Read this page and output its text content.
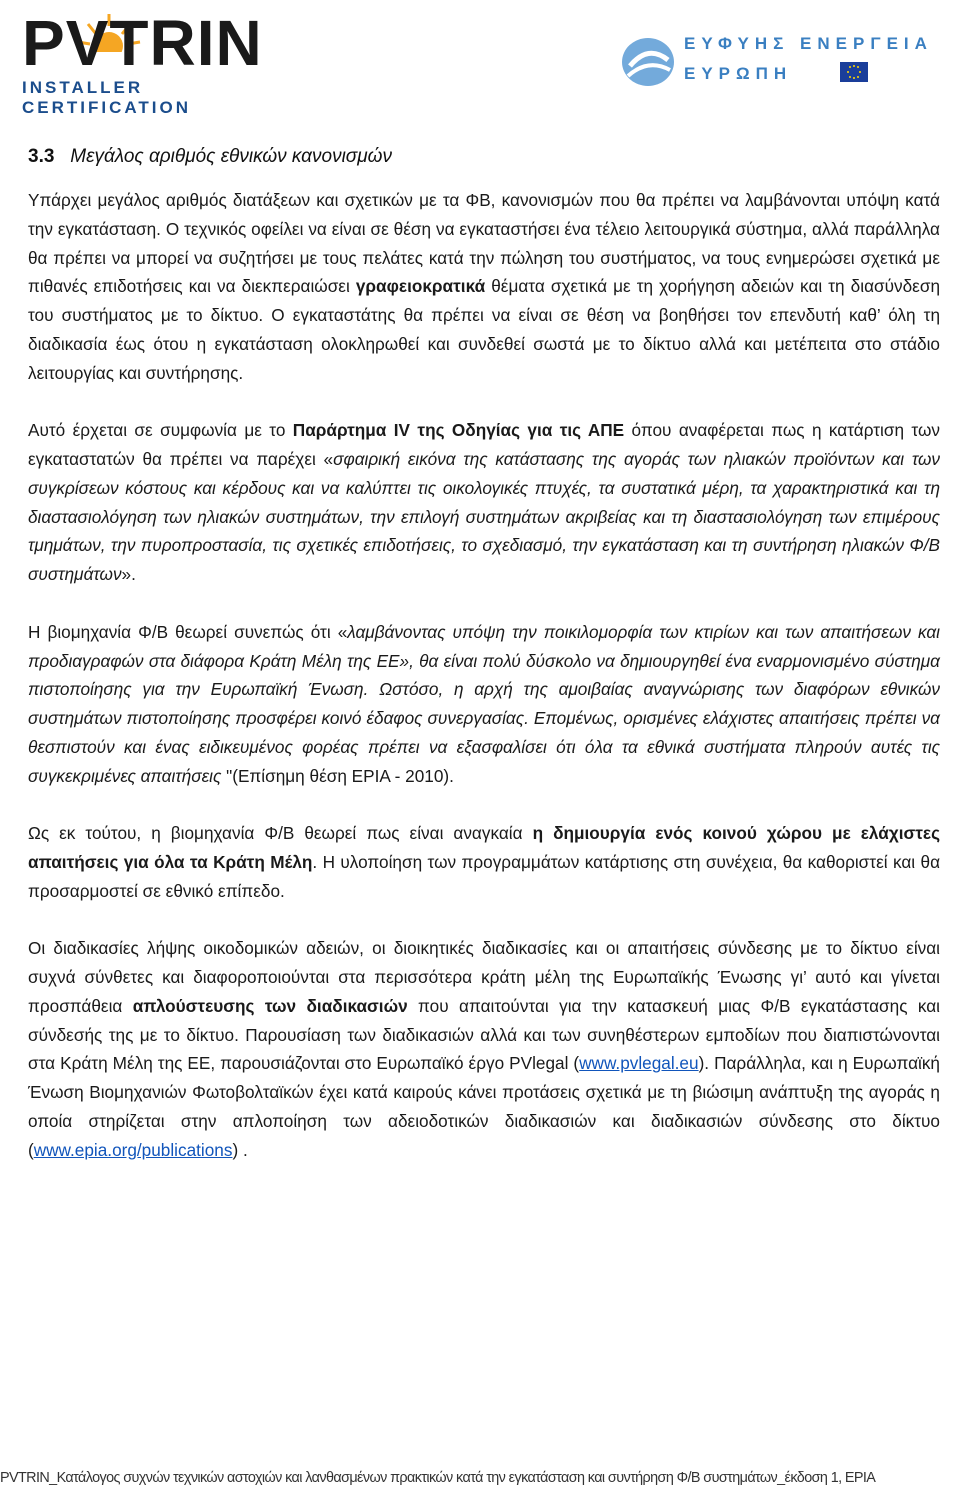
PVTRIN
INSTALLER CERTIFICATION
ΕΥΦΥΗΣ ΕΝΕΡΓΕΙΑ
ΕΥΡΩΠΗ
3.3 Μεγάλος αριθμός εθνικών κανονισμών

Υπάρχει μεγάλος αριθμός διατάξεων και σχετικών με τα ΦΒ, κανονισμών που θα πρέπει να λαμβάνονται υπόψη κατά την εγκατάσταση. Ο τεχνικός οφείλει να είναι σε θέση να εγκαταστήσει ένα τέλειο λειτουργικά σύστημα, αλλά παράλληλα θα πρέπει να μπορεί να συζητήσει με τους πελάτες κατά την πώληση του συστήματος, να τους ενημερώσει σχετικά με πιθανές επιδοτήσεις και να διεκπεραιώσει γραφειοκρατικά θέματα σχετικά με τη χορήγηση αδειών και τη διασύνδεση του συστήματος με το δίκτυο. Ο εγκαταστάτης θα πρέπει να είναι σε θέση να βοηθήσει τον επενδυτή καθ’ όλη τη διαδικασία έως ότου η εγκατάσταση ολοκληρωθεί και συνδεθεί σωστά με το δίκτυο αλλά και μετέπειτα στο στάδιο λειτουργίας και συντήρησης.

Αυτό έρχεται σε συμφωνία με το Παράρτημα IV της Οδηγίας για τις ΑΠΕ όπου αναφέρεται πως η κατάρτιση των εγκαταστατών θα πρέπει να παρέχει «σφαιρική εικόνα της κατάστασης της αγοράς των ηλιακών προϊόντων και των συγκρίσεων κόστους και κέρδους και να καλύπτει τις οικολογικές πτυχές, τα συστατικά μέρη, τα χαρακτηριστικά και τη διαστασιολόγηση των ηλιακών συστημάτων, την επιλογή συστημάτων ακριβείας και τη διαστασιολόγηση των επιμέρους τμημάτων, την πυροπροστασία, τις σχετικές επιδοτήσεις, το σχεδιασμό, την εγκατάσταση και τη συντήρηση ηλιακών Φ/Β συστημάτων».

Η βιομηχανία Φ/Β θεωρεί συνεπώς ότι «λαμβάνοντας υπόψη την ποικιλομορφία των κτιρίων και των απαιτήσεων και προδιαγραφών στα διάφορα Κράτη Μέλη της ΕΕ», θα είναι πολύ δύσκολο να δημιουργηθεί ένα εναρμονισμένο σύστημα πιστοποίησης για την Ευρωπαϊκή Ένωση. Ωστόσο, η αρχή της αμοιβαίας αναγνώρισης των διαφόρων εθνικών συστημάτων πιστοποίησης προσφέρει κοινό έδαφος συνεργασίας. Επομένως, ορισμένες ελάχιστες απαιτήσεις πρέπει να θεσπιστούν και ένας ειδικευμένος φορέας πρέπει να εξασφαλίσει ότι όλα τα εθνικά συστήματα πληρούν αυτές τις συγκεκριμένες απαιτήσεις "(Επίσημη θέση EPIA - 2010).

Ως εκ τούτου, η βιομηχανία Φ/Β θεωρεί πως είναι αναγκαία η δημιουργία ενός κοινού χώρου με ελάχιστες απαιτήσεις για όλα τα Κράτη Μέλη. Η υλοποίηση των προγραμμάτων κατάρτισης στη συνέχεια, θα καθοριστεί και θα προσαρμοστεί σε εθνικό επίπεδο.

Οι διαδικασίες λήψης οικοδομικών αδειών, οι διοικητικές διαδικασίες και οι απαιτήσεις σύνδεσης με το δίκτυο είναι συχνά σύνθετες και διαφοροποιούνται στα περισσότερα κράτη μέλη της Ευρωπαϊκής Ένωσης γι’ αυτό και γίνεται προσπάθεια απλούστευσης των διαδικασιών που απαιτούνται για την κατασκευή μιας Φ/Β εγκατάστασης και σύνδεσής της με το δίκτυο. Παρουσίαση των διαδικασιών αλλά και των συνηθέστερων εμποδίων που διαπιστώνονται στα Κράτη Μέλη της ΕΕ, παρουσιάζονται στο Ευρωπαϊκό έργο PVlegal (www.pvlegal.eu). Παράλληλα, και η Ευρωπαϊκή Ένωση Βιομηχανιών Φωτοβολταϊκών έχει κατά καιρούς κάνει προτάσεις σχετικά με τη βιώσιμη ανάπτυξη της αγοράς η οποία στηρίζεται στην απλοποίηση των αδειοδοτικών διαδικασιών και διαδικασιών σύνδεσης στο δίκτυο (www.epia.org/publications) .

PVTRIN_Κατάλογος συχνών τεχνικών αστοχιών και λανθασμένων πρακτικών κατά την εγκατάσταση και συντήρηση Φ/Β συστημάτων_έκδοση 1, EPIA
